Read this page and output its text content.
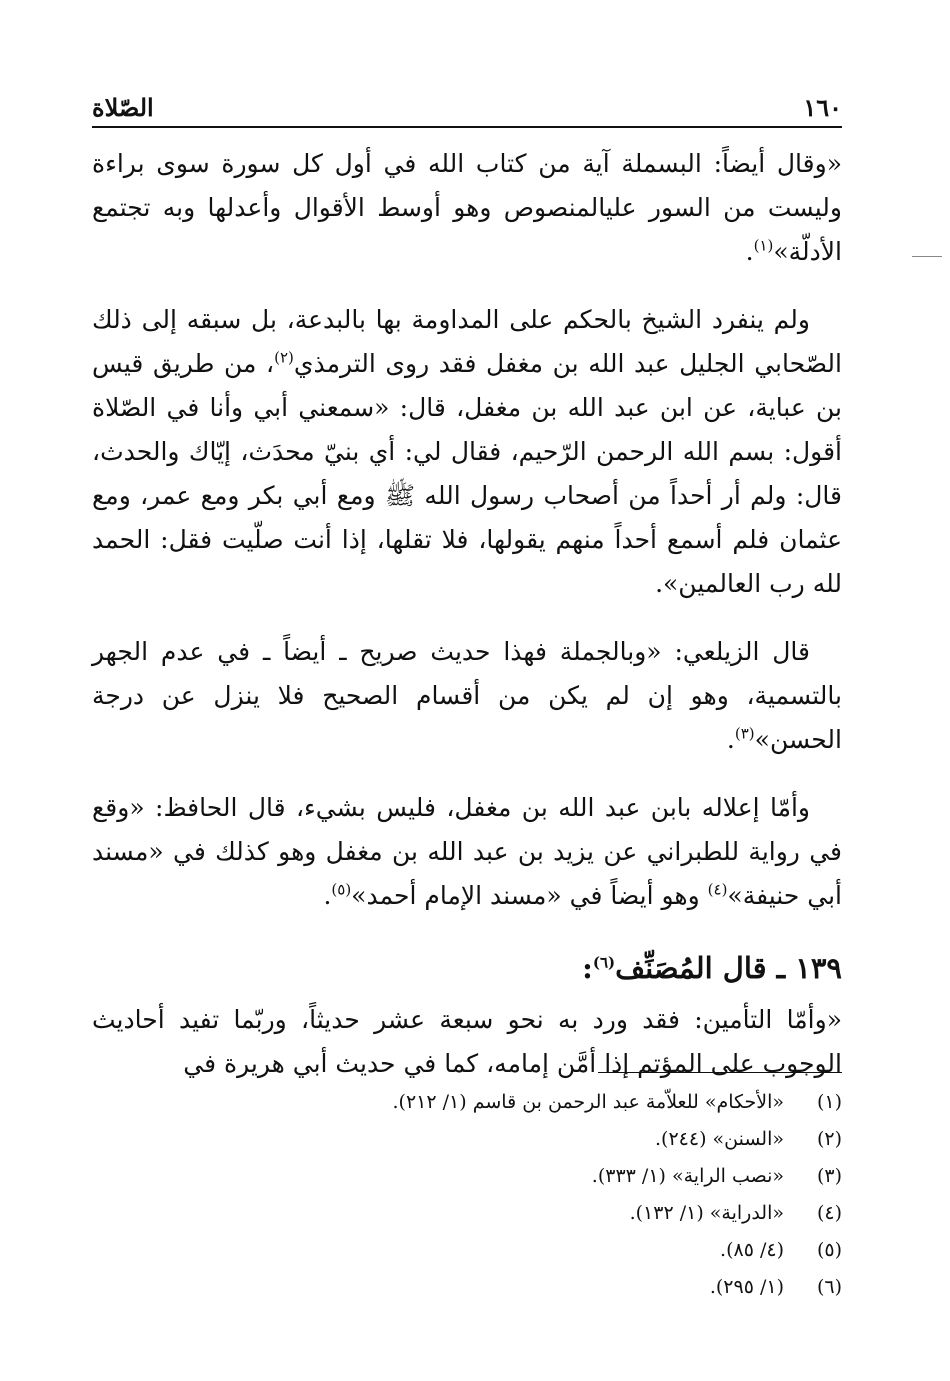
١٦٠
الصّلاة

«وقال أيضاً: البسملة آية من كتاب الله في أول كل سورة سوى براءة وليست من السور عليالمنصوص وهو أوسط الأقوال وأعدلها وبه تجتمع الأدلّة»$^{(١)}$.

ولم ينفرد الشيخ بالحكم على المداومة بها بالبدعة، بل سبقه إلى ذلك الصّحابي الجليل عبد الله بن مغفل فقد روى الترمذي$^{(٢)}$، من طريق قيس بن عباية، عن ابن عبد الله بن مغفل، قال: «سمعني أبي وأنا في الصّلاة أقول: بسم الله الرحمن الرّحيم، فقال لي: أي بنيّ محدَث، إيّاك والحدث، قال: ولم أر أحداً من أصحاب رسول الله ﷺ ومع أبي بكر ومع عمر، ومع عثمان فلم أسمع أحداً منهم يقولها، فلا تقلها، إذا أنت صلّيت فقل: الحمد لله رب العالمين».

قال الزيلعي: «وبالجملة فهذا حديث صريح ـ أيضاً ـ في عدم الجهر بالتسمية، وهو إن لم يكن من أقسام الصحيح فلا ينزل عن درجة الحسن»$^{(٣)}$.

وأمّا إعلاله بابن عبد الله بن مغفل، فليس بشيء، قال الحافظ: «وقع في رواية للطبراني عن يزيد بن عبد الله بن مغفل وهو كذلك في «مسند أبي حنيفة»$^{(٤)}$ وهو أيضاً في «مسند الإمام أحمد»$^{(٥)}$.

١٣٩ ـ قال المُصَنِّف$^{(٦)}$:

«وأمّا التأمين: فقد ورد به نحو سبعة عشر حديثاً، وربّما تفيد أحاديث الوجوب على المؤتم إذا أمَّن إمامه، كما في حديث أبي هريرة في

(١)
«الأحكام» للعلاّمة عبد الرحمن بن قاسم (١/ ٢١٢).
(٢)
«السنن» (٢٤٤).
(٣)
«نصب الراية» (١/ ٣٣٣).
(٤)
«الدراية» (١/ ١٣٢).
(٥)
(٤/ ٨٥).
(٦)
(١/ ٢٩٥).
